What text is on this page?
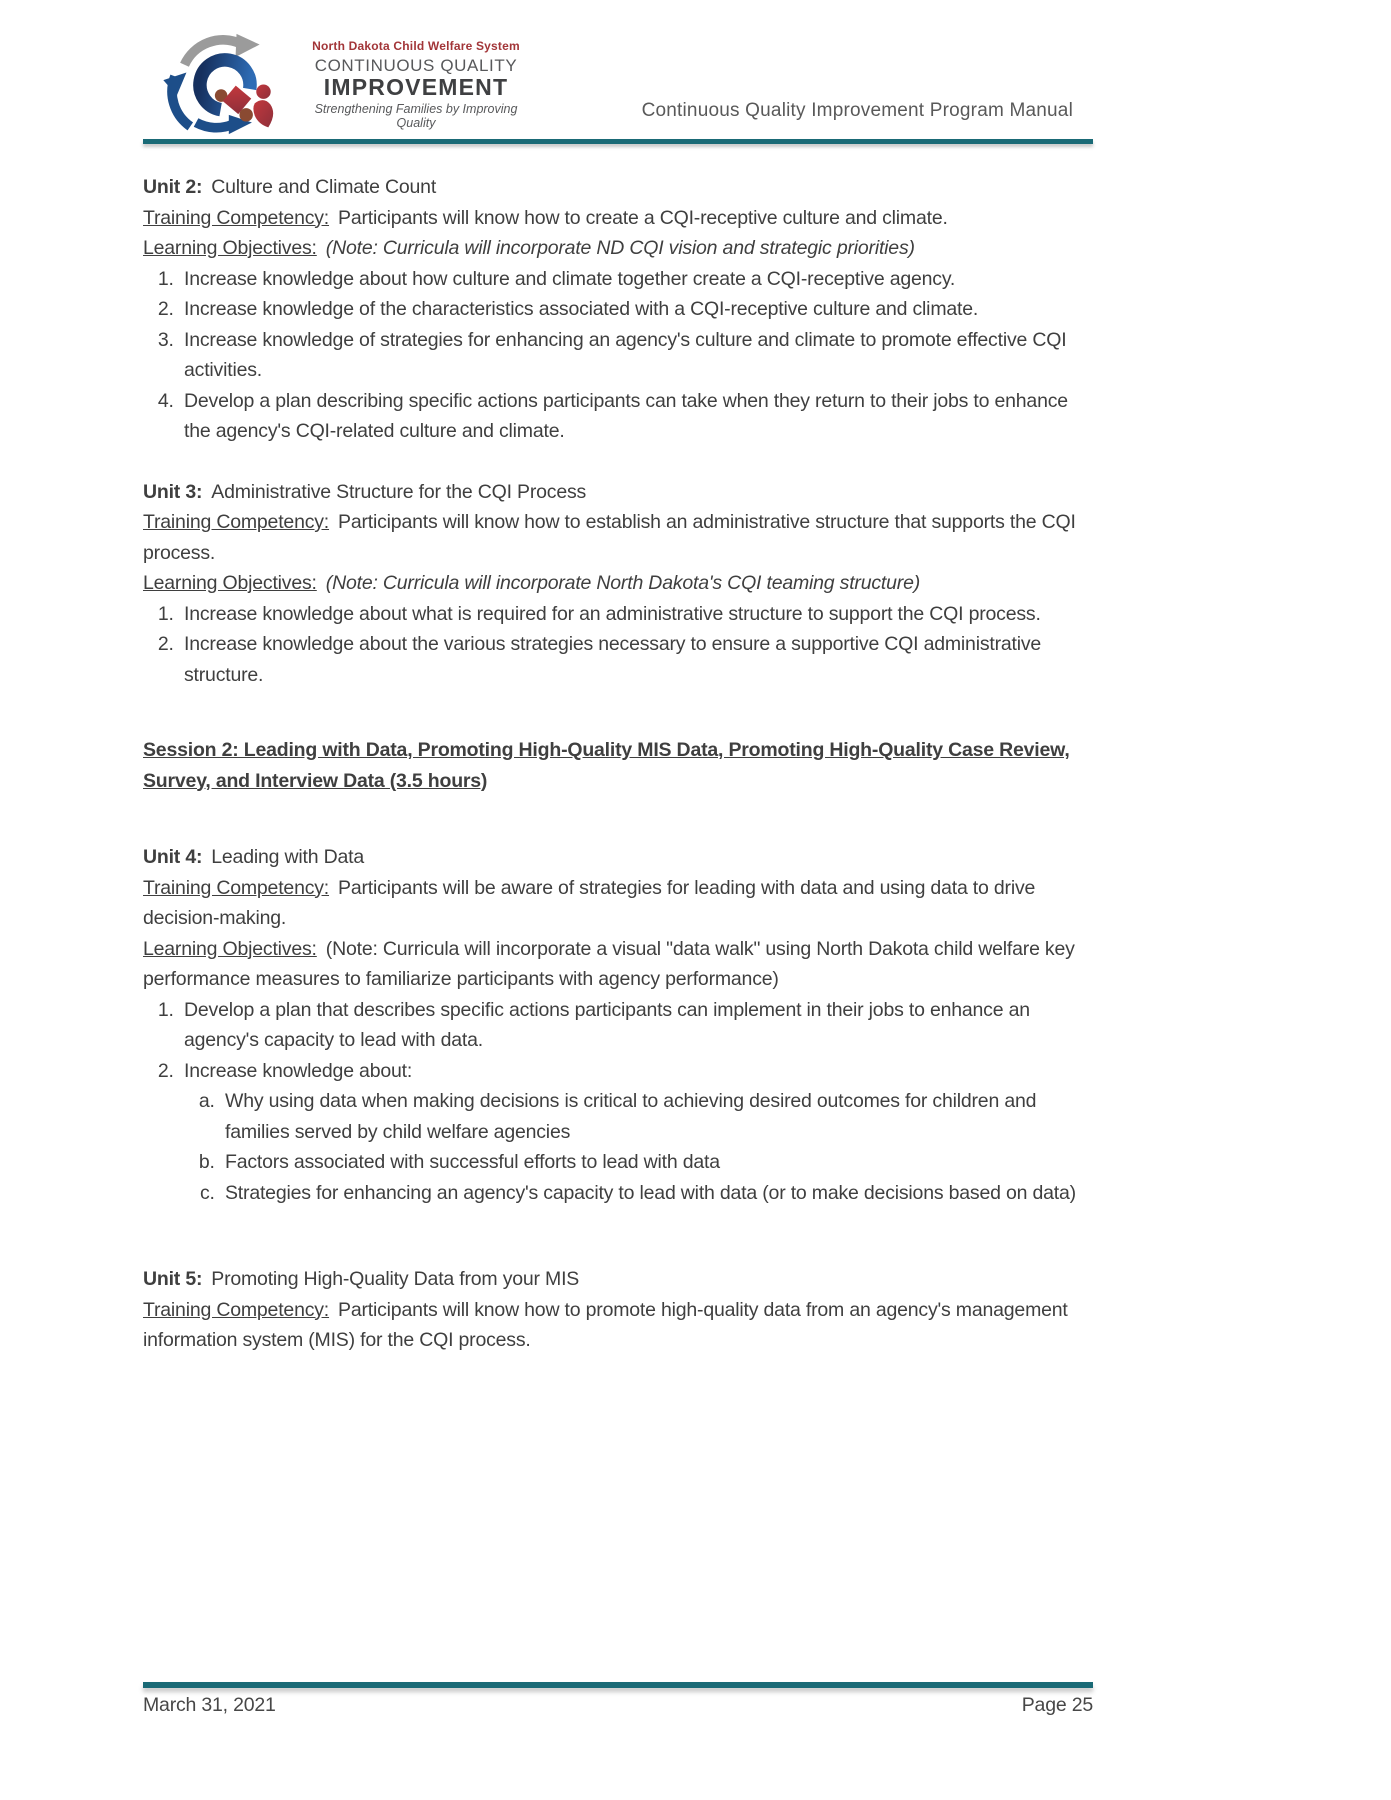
North Dakota Child Welfare System
CONTINUOUS QUALITY
IMPROVEMENT
Strengthening Families by Improving Quality
Continuous Quality Improvement Program Manual

Unit 2: Culture and Climate Count

Training Competency: Participants will know how to create a CQI-receptive culture and climate.

Learning Objectives: (Note: Curricula will incorporate ND CQI vision and strategic priorities)

1. Increase knowledge about how culture and climate together create a CQI-receptive agency.
2. Increase knowledge of the characteristics associated with a CQI-receptive culture and climate.
3. Increase knowledge of strategies for enhancing an agency's culture and climate to promote effective CQI activities.
4. Develop a plan describing specific actions participants can take when they return to their jobs to enhance the agency's CQI-related culture and climate.

Unit 3: Administrative Structure for the CQI Process

Training Competency: Participants will know how to establish an administrative structure that supports the CQI process.

Learning Objectives: (Note: Curricula will incorporate North Dakota's CQI teaming structure)

1. Increase knowledge about what is required for an administrative structure to support the CQI process.
2. Increase knowledge about the various strategies necessary to ensure a supportive CQI administrative structure.

Session 2: Leading with Data, Promoting High-Quality MIS Data, Promoting High-Quality Case Review, Survey, and Interview Data (3.5 hours)

Unit 4: Leading with Data

Training Competency: Participants will be aware of strategies for leading with data and using data to drive decision-making.

Learning Objectives: (Note: Curricula will incorporate a visual "data walk" using North Dakota child welfare key performance measures to familiarize participants with agency performance)

1. Develop a plan that describes specific actions participants can implement in their jobs to enhance an agency's capacity to lead with data.
2. Increase knowledge about:
a. Why using data when making decisions is critical to achieving desired outcomes for children and families served by child welfare agencies
b. Factors associated with successful efforts to lead with data
c. Strategies for enhancing an agency's capacity to lead with data (or to make decisions based on data)

Unit 5: Promoting High-Quality Data from your MIS

Training Competency: Participants will know how to promote high-quality data from an agency's management information system (MIS) for the CQI process.

March 31, 2021	Page 25
